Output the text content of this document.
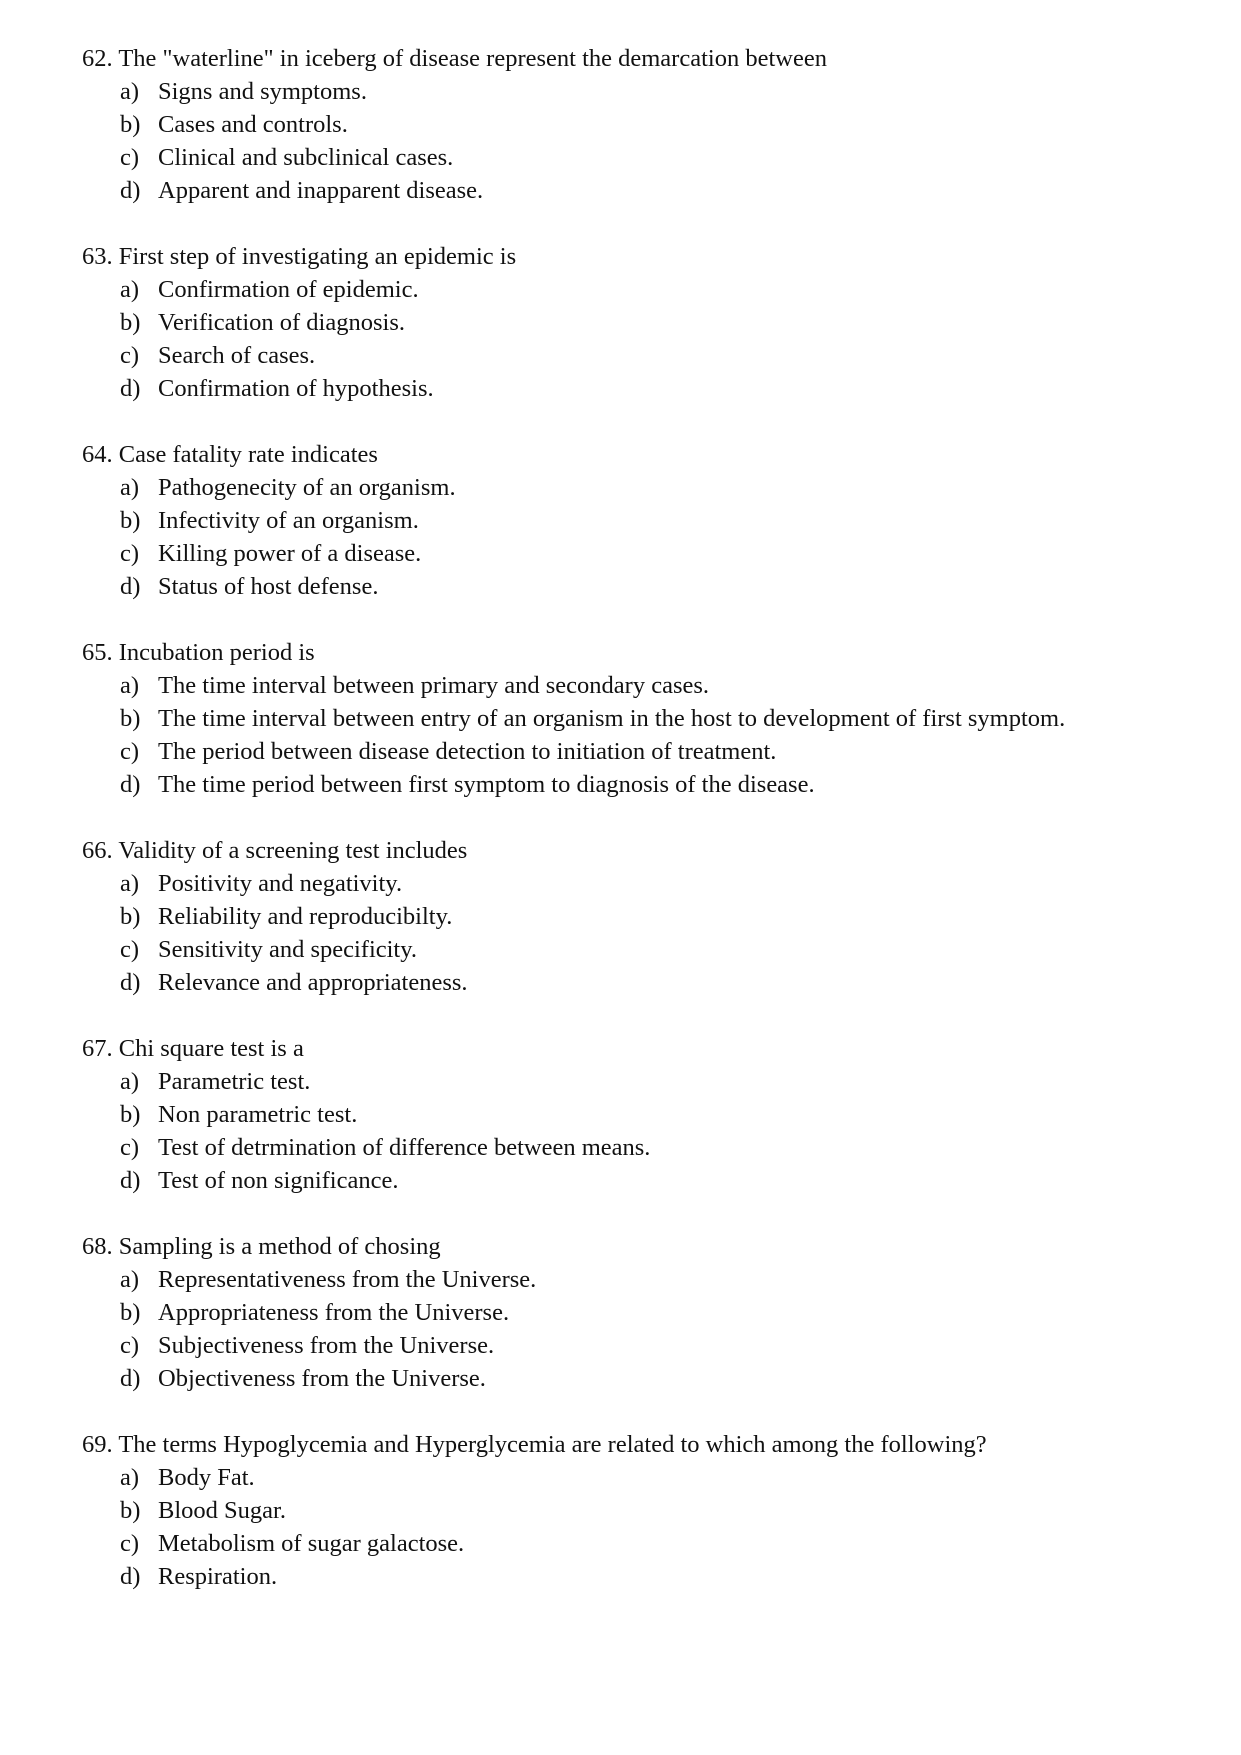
62. The "waterline" in iceberg of disease represent the demarcation between
a) Signs and symptoms.
b) Cases and controls.
c) Clinical and subclinical cases.
d) Apparent and inapparent disease.
63. First step of investigating an epidemic is
a) Confirmation of epidemic.
b) Verification of diagnosis.
c) Search of cases.
d) Confirmation of hypothesis.
64. Case fatality rate indicates
a) Pathogenecity of an organism.
b) Infectivity of an organism.
c) Killing power of a disease.
d) Status of host defense.
65. Incubation period is
a) The time interval between primary and secondary cases.
b) The time interval between entry of an organism in the host to development of first symptom.
c) The period between disease detection to initiation of treatment.
d) The time period between first symptom to diagnosis of the disease.
66. Validity of a screening test includes
a) Positivity and negativity.
b) Reliability and reproducibilty.
c) Sensitivity and specificity.
d) Relevance and appropriateness.
67. Chi square test is a
a) Parametric test.
b) Non parametric test.
c) Test of detrmination of difference between means.
d) Test of non significance.
68. Sampling is a method of chosing
a) Representativeness from the Universe.
b) Appropriateness from the Universe.
c) Subjectiveness from the Universe.
d) Objectiveness from the Universe.
69. The terms Hypoglycemia and Hyperglycemia are related to which among the following?
a) Body Fat.
b) Blood Sugar.
c) Metabolism of sugar galactose.
d) Respiration.
